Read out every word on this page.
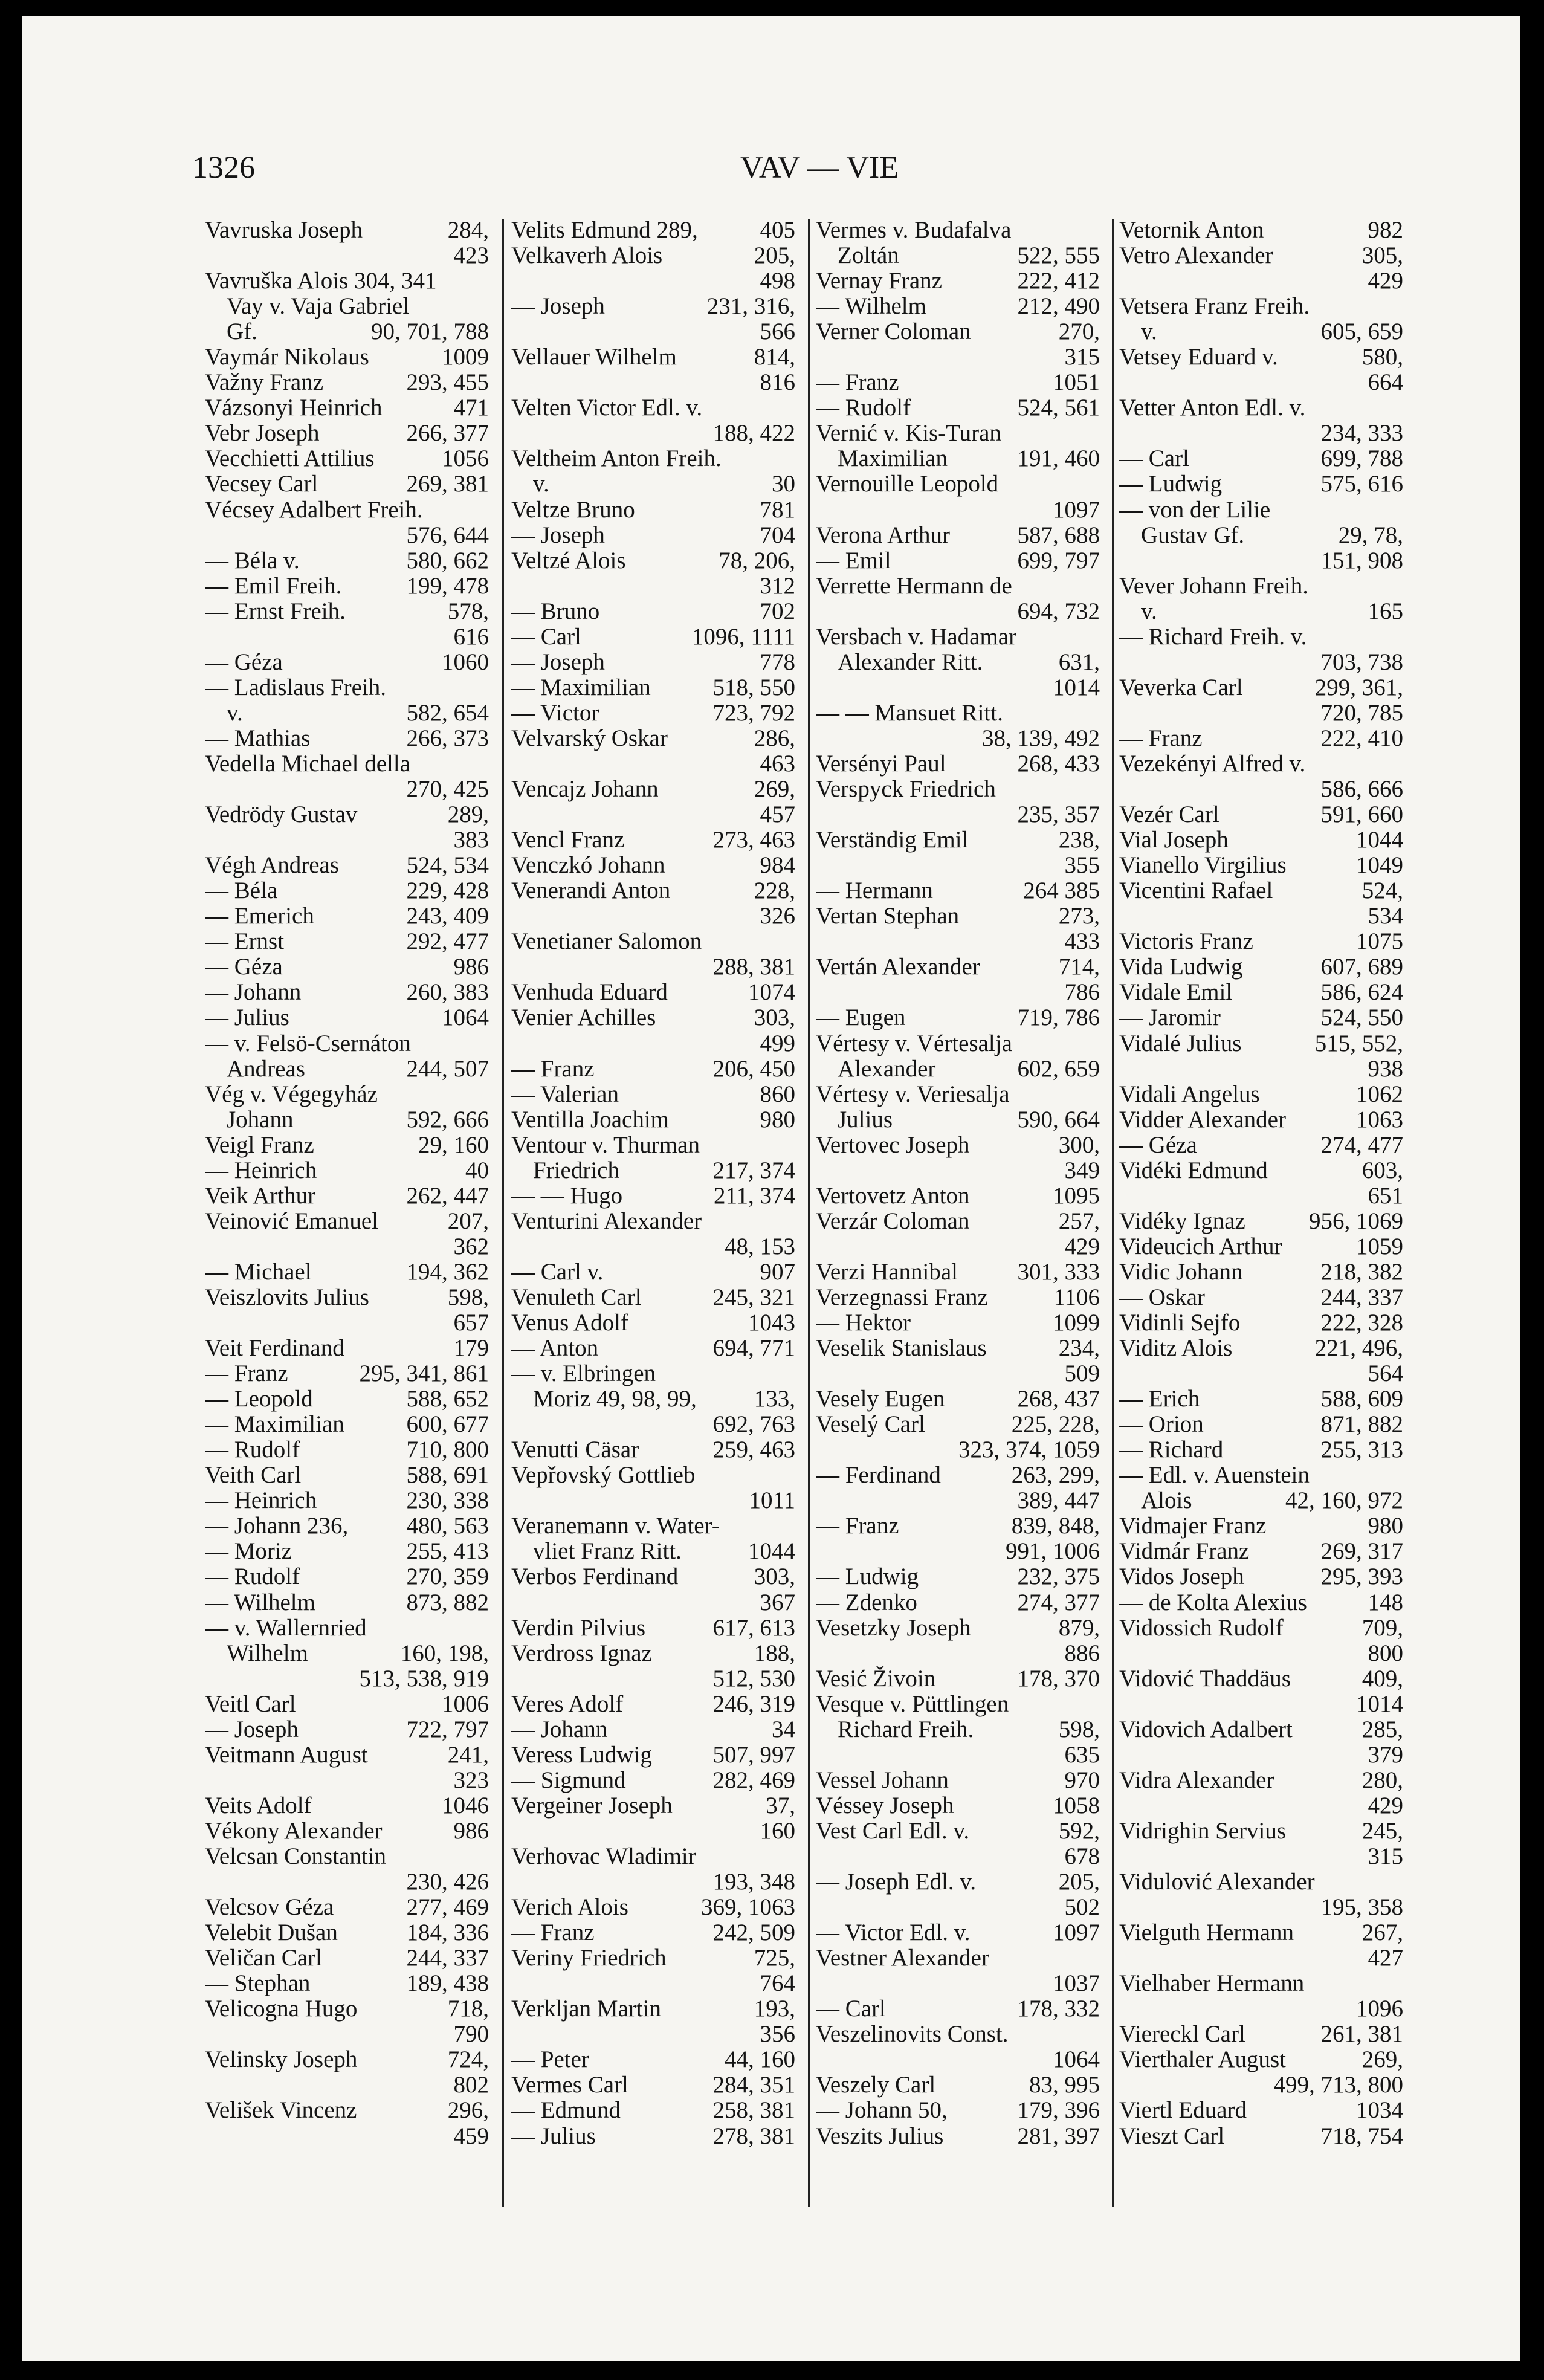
1326	VAV — VIE
Vavruska Joseph	284,
423
Vavruška Alois 304, 341
Vay v. Vaja Gabriel
Gf.	90, 701, 788
Vaymár Nikolaus	1009
Važny Franz	293, 455
Vázsonyi Heinrich	471
Vebr Joseph	266, 377
Vecchietti Attilius	1056
Vecsey Carl	269, 381
Vécsey Adalbert Freih.
576, 644
— Béla v.	580, 662
— Emil Freih.	199, 478
— Ernst Freih.	578,
616
— Géza	1060
— Ladislaus Freih.
v.	582, 654
— Mathias	266, 373
Vedella Michael della
270, 425
Vedrödy Gustav	289,
383
Végh Andreas	524, 534
— Béla	229, 428
— Emerich	243, 409
— Ernst	292, 477
— Géza	986
— Johann	260, 383
— Julius	1064
— v. Felsö-Csernáton
Andreas	244, 507
Vég v. Végegyház
Johann	592, 666
Veigl Franz	29, 160
— Heinrich	40
Veik Arthur	262, 447
Veinović Emanuel	207,
362
— Michael	194, 362
Veiszlovits Julius	598,
657
Veit Ferdinand	179
— Franz	295, 341, 861
— Leopold	588, 652
— Maximilian	600, 677
— Rudolf	710, 800
Veith Carl	588, 691
— Heinrich	230, 338
— Johann 236,	480, 563
— Moriz	255, 413
— Rudolf	270, 359
— Wilhelm	873, 882
— v. Wallernried
Wilhelm	160, 198,
513, 538, 919
Veitl Carl	1006
— Joseph	722, 797
Veitmann August	241,
323
Veits Adolf	1046
Vékony Alexander	986
Velcsan Constantin
230, 426
Velcsov Géza	277, 469
Velebit Dušan	184, 336
Veličan Carl	244, 337
— Stephan	189, 438
Velicogna Hugo	718,
790
Velinsky Joseph	724,
802
Velišek Vincenz	296,
459
Velits Edmund 289,	405
Velkaverh Alois	205,
498
— Joseph	231, 316,
566
Vellauer Wilhelm	814,
816
Velten Victor Edl. v.
188, 422
Veltheim Anton Freih.
v.	30
Veltze Bruno	781
— Joseph	704
Veltzé Alois	78, 206,
312
— Bruno	702
— Carl	1096, 1111
— Joseph	778
— Maximilian	518, 550
— Victor	723, 792
Velvarský Oskar	286,
463
Vencajz Johann	269,
457
Vencl Franz	273, 463
Venczkó Johann	984
Venerandi Anton	228,
326
Venetianer Salomon
288, 381
Venhuda Eduard	1074
Venier Achilles	303,
499
— Franz	206, 450
— Valerian	860
Ventilla Joachim	980
Ventour v. Thurman
Friedrich	217, 374
— — Hugo	211, 374
Venturini Alexander
48, 153
— Carl v.	907
Venuleth Carl	245, 321
Venus Adolf	1043
— Anton	694, 771
— v. Elbringen
Moriz 49, 98, 99,	133,
692, 763
Venutti Cäsar	259, 463
Vepřovský Gottlieb
1011
Veranemann v. Water-
vliet Franz Ritt.	1044
Verbos Ferdinand	303,
367
Verdin Pilvius	617, 613
Verdross Ignaz	188,
512, 530
Veres Adolf	246, 319
— Johann	34
Veress Ludwig	507, 997
— Sigmund	282, 469
Vergeiner Joseph	37,
160
Verhovac Wladimir
193, 348
Verich Alois	369, 1063
— Franz	242, 509
Veriny Friedrich	725,
764
Verkljan Martin	193,
356
— Peter	44, 160
Vermes Carl	284, 351
— Edmund	258, 381
— Julius	278, 381
Vermes v. Budafalva
Zoltán	522, 555
Vernay Franz	222, 412
— Wilhelm	212, 490
Verner Coloman	270,
315
— Franz	1051
— Rudolf	524, 561
Vernić v. Kis-Turan
Maximilian	191, 460
Vernouille Leopold
1097
Verona Arthur	587, 688
— Emil	699, 797
Verrette Hermann de
694, 732
Versbach v. Hadamar
Alexander Ritt.	631,
1014
— — Mansuet Ritt.
38, 139, 492
Versényi Paul	268, 433
Verspyck Friedrich
235, 357
Verständig Emil	238,
355
— Hermann	264 385
Vertan Stephan	273,
433
Vertán Alexander	714,
786
— Eugen	719, 786
Vértesy v. Vértesalja
Alexander	602, 659
Vértesy v. Veriesalja
Julius	590, 664
Vertovec Joseph	300,
349
Vertovetz Anton	1095
Verzár Coloman	257,
429
Verzi Hannibal	301, 333
Verzegnassi Franz	1106
— Hektor	1099
Veselik Stanislaus	234,
509
Vesely Eugen	268, 437
Veselý Carl	225, 228,
323, 374, 1059
— Ferdinand	263, 299,
389, 447
— Franz	839, 848,
991, 1006
— Ludwig	232, 375
— Zdenko	274, 377
Vesetzky Joseph	879,
886
Vesić Živoin	178, 370
Vesque v. Püttlingen
Richard Freih.	598,
635
Vessel Johann	970
Véssey Joseph	1058
Vest Carl Edl. v.	592,
678
— Joseph Edl. v.	205,
502
— Victor Edl. v.	1097
Vestner Alexander
1037
— Carl	178, 332
Veszelinovits Const.
1064
Veszely Carl	83, 995
— Johann 50,	179, 396
Veszits Julius	281, 397
Vetornik Anton	982
Vetro Alexander	305,
429
Vetsera Franz Freih.
v.	605, 659
Vetsey Eduard v.	580,
664
Vetter Anton Edl. v.
234, 333
— Carl	699, 788
— Ludwig	575, 616
— von der Lilie
Gustav Gf.	29, 78,
151, 908
Vever Johann Freih.
v.	165
— Richard Freih. v.
703, 738
Veverka Carl	299, 361,
720, 785
— Franz	222, 410
Vezekényi Alfred v.
586, 666
Vezér Carl	591, 660
Vial Joseph	1044
Vianello Virgilius	1049
Vicentini Rafael	524,
534
Victoris Franz	1075
Vida Ludwig	607, 689
Vidale Emil	586, 624
— Jaromir	524, 550
Vidalé Julius	515, 552,
938
Vidali Angelus	1062
Vidder Alexander	1063
— Géza	274, 477
Vidéki Edmund	603,
651
Vidéky Ignaz	956, 1069
Videucich Arthur	1059
Vidic Johann	218, 382
— Oskar	244, 337
Vidinli Sejfo	222, 328
Viditz Alois	221, 496,
564
— Erich	588, 609
— Orion	871, 882
— Richard	255, 313
— Edl. v. Auenstein
Alois	42, 160, 972
Vidmajer Franz	980
Vidmár Franz	269, 317
Vidos Joseph	295, 393
— de Kolta Alexius	148
Vidossich Rudolf	709,
800
Vidović Thaddäus	409,
1014
Vidovich Adalbert	285,
379
Vidra Alexander	280,
429
Vidrighin Servius	245,
315
Vidulović Alexander
195, 358
Vielguth Hermann	267,
427
Vielhaber Hermann
1096
Viereckl Carl	261, 381
Vierthaler August	269,
499, 713, 800
Viertl Eduard	1034
Vieszt Carl	718, 754
